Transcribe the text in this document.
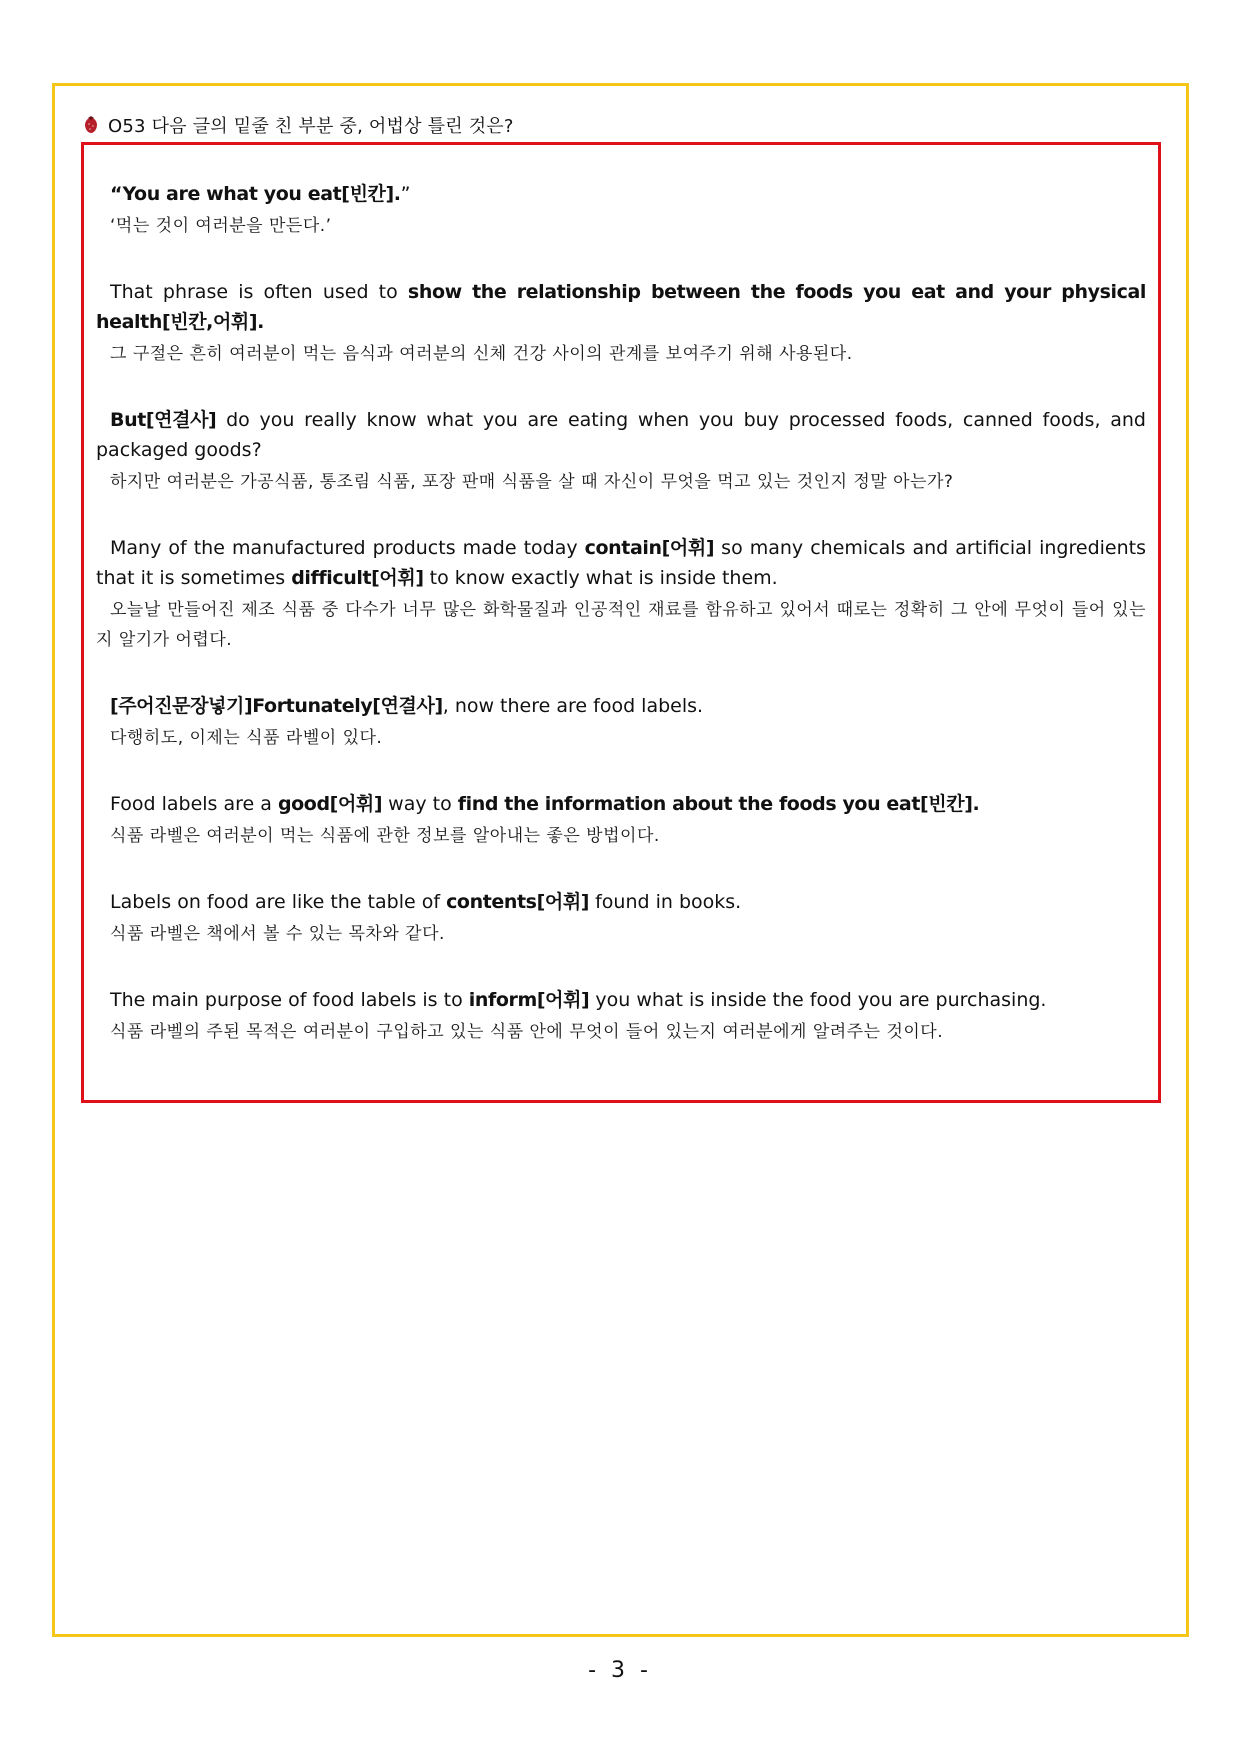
O53 다음 글의 밑줄 친 부분 중, 어법상 틀린 것은?

“You are what you eat[빈칸].”

‘먹는 것이 여러분을 만든다.’

That phrase is often used to show the relationship between the foods you eat and your physical health[빈칸,어휘].

그 구절은 흔히 여러분이 먹는 음식과 여러분의 신체 건강 사이의 관계를 보여주기 위해 사용된다.

But[연결사] do you really know what you are eating when you buy processed foods, canned foods, and packaged goods?

하지만 여러분은 가공식품, 통조림 식품, 포장 판매 식품을 살 때 자신이 무엇을 먹고 있는 것인지 정말 아는가?

Many of the manufactured products made today contain[어휘] so many chemicals and artificial ingredients that it is sometimes difficult[어휘] to know exactly what is inside them.

오늘날 만들어진 제조 식품 중 다수가 너무 많은 화학물질과 인공적인 재료를 함유하고 있어서 때로는 정확히 그 안에 무엇이 들어 있는지 알기가 어렵다.

[주어진문장넣기]Fortunately[연결사], now there are food labels.

다행히도, 이제는 식품 라벨이 있다.

Food labels are a good[어휘] way to find the information about the foods you eat[빈칸].

식품 라벨은 여러분이 먹는 식품에 관한 정보를 알아내는 좋은 방법이다.

Labels on food are like the table of contents[어휘] found in books.

식품 라벨은 책에서 볼 수 있는 목차와 같다.

The main purpose of food labels is to inform[어휘] you what is inside the food you are purchasing.

식품 라벨의 주된 목적은 여러분이 구입하고 있는 식품 안에 무엇이 들어 있는지 여러분에게 알려주는 것이다.

- 3 -
